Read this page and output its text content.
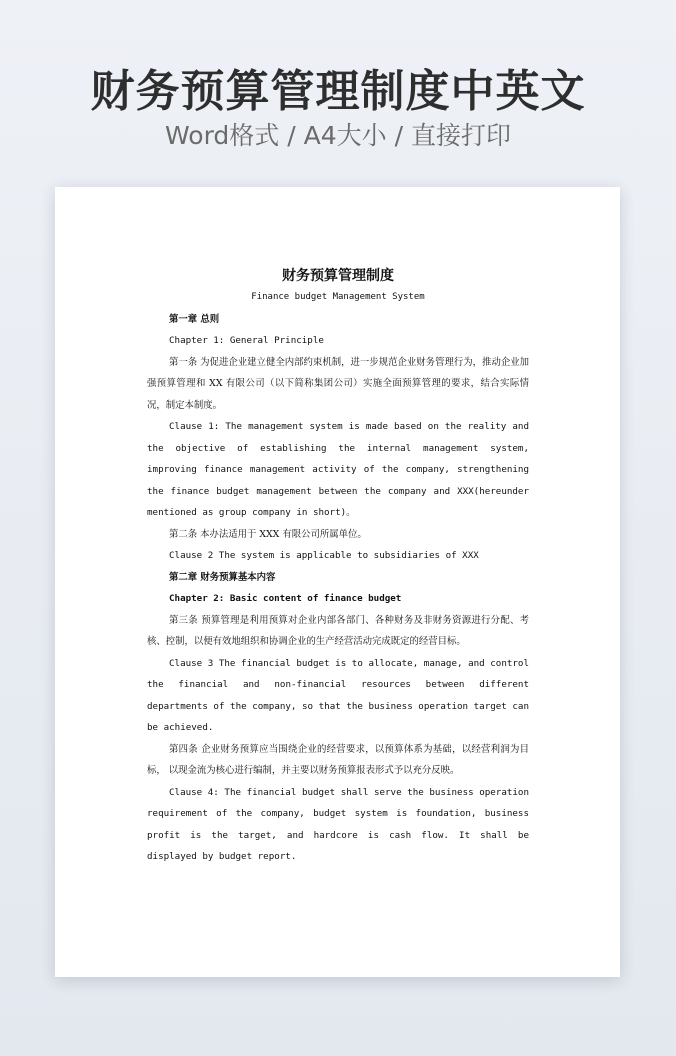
财务预算管理制度中英文
Word格式 / A4大小 / 直接打印

财务预算管理制度

Finance budget Management System

第一章 总则

Chapter 1: General Principle

第一条 为促进企业建立健全内部约束机制，进一步规范企业财务管理行为，推动企业加强预算管理和 XX 有限公司（以下简称集团公司）实施全面预算管理的要求，结合实际情况，制定本制度。

Clause 1: The management system is made based on the reality and the objective of establishing the internal management system, improving finance management activity of the company, strengthening the finance budget management between the company and XXX(hereunder mentioned as group company in short)。

第二条 本办法适用于 XXX 有限公司所属单位。

Clause 2 The system is applicable to subsidiaries of XXX

第二章 财务预算基本内容

Chapter 2: Basic content of finance budget

第三条 预算管理是利用预算对企业内部各部门、各种财务及非财务资源进行分配、考核、控制，以便有效地组织和协调企业的生产经营活动完成既定的经营目标。

Clause 3 The financial budget is to allocate, manage, and control the financial and non-financial resources between different departments of the company, so that the business operation target can be achieved.

第四条 企业财务预算应当围绕企业的经营要求，以预算体系为基础，以经营利润为目标， 以现金流为核心进行编制，并主要以财务预算报表形式予以充分反映。

Clause 4: The financial budget shall serve the business operation requirement of the company, budget system is foundation, business profit is the target, and hardcore is cash flow. It shall be displayed by budget report.
